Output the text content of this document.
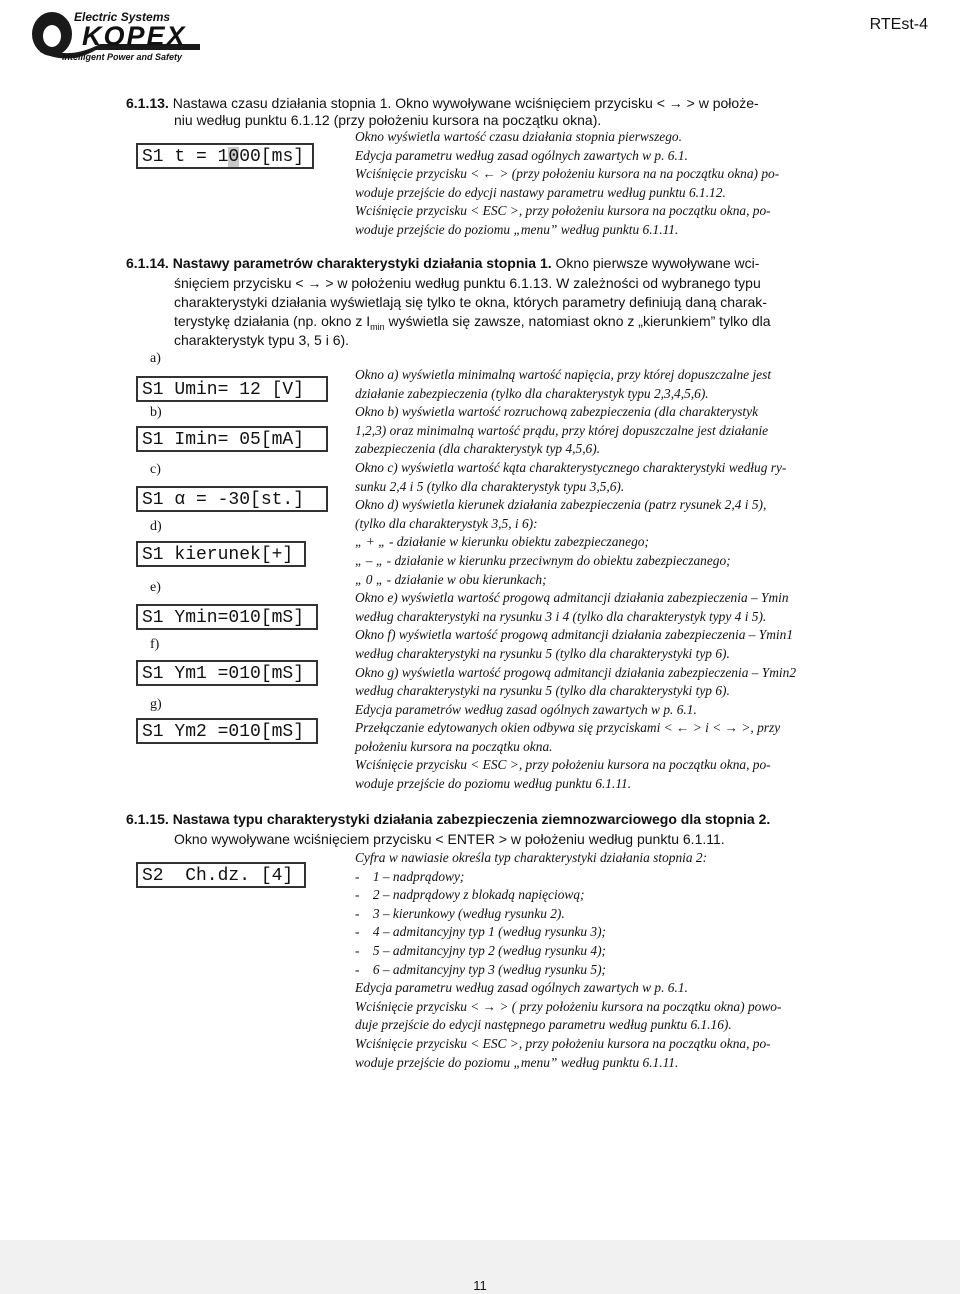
Electric Systems
KOPEX
Intelligent Power and Safety
RTEst-4
6.1.13. Nastawa czasu działania stopnia 1. Okno wywoływane wciśnięciem przycisku < → > w położe-
niu według punktu 6.1.12 (przy położeniu kursora na początku okna).
S1 t = 1000[ms]
Okno wyświetla wartość czasu działania stopnia pierwszego.
Edycja parametru według zasad ogólnych zawartych w p. 6.1.
Wciśnięcie przycisku < ← > (przy położeniu kursora na na początku okna) po-
woduje przejście do edycji nastawy parametru według punktu 6.1.12.
Wciśnięcie przycisku < ESC >, przy położeniu kursora na początku okna, po-
woduje przejście do poziomu „menu” według punktu 6.1.11.
6.1.14. Nastawy parametrów charakterystyki działania stopnia 1. Okno pierwsze wywoływane wci-
śnięciem przycisku < → > w położeniu według punktu 6.1.13. W zależności od wybranego typu
charakterystyki działania wyświetlają się tylko te okna, których parametry definiują daną charak-
terystykę działania (np. okno z $I_{min}$ wyświetla się zawsze, natomiast okno z „kierunkiem” tylko dla
charakterystyk typu 3, 5 i 6).
a)
S1 Umin= 12 [V]
b)
S1 Imin= 05[mA]
c)
S1 α = -30[st.]
d)
S1 kierunek[+]
e)
S1 Ymin=010[mS]
f)
S1 Ym1 =010[mS]
g)
S1 Ym2 =010[mS]
Okno a) wyświetla minimalną wartość napięcia, przy której dopuszczalne jest
działanie zabezpieczenia (tylko dla charakterystyk typu 2,3,4,5,6).
Okno b) wyświetla wartość rozruchową zabezpieczenia (dla charakterystyk
1,2,3) oraz minimalną wartość prądu, przy której dopuszczalne jest działanie
zabezpieczenia (dla charakterystyk typ 4,5,6).
Okno c) wyświetla wartość kąta charakterystycznego charakterystyki według ry-
sunku 2,4 i 5 (tylko dla charakterystyk typu 3,5,6).
Okno d) wyświetla kierunek działania zabezpieczenia (patrz rysunek 2,4 i 5),
(tylko dla charakterystyk 3,5, i 6):
„ + „ - działanie w kierunku obiektu zabezpieczanego;
„ – „ - działanie w kierunku przeciwnym do obiektu zabezpieczanego;
„ 0 „ - działanie w obu kierunkach;
Okno e) wyświetla wartość progową admitancji działania zabezpieczenia – Ymin
według charakterystyki na rysunku 3 i 4 (tylko dla charakterystyk typy 4 i 5).
Okno f) wyświetla wartość progową admitancji działania zabezpieczenia – Ymin1
według charakterystyki na rysunku 5 (tylko dla charakterystyki typ 6).
Okno g) wyświetla wartość progową admitancji działania zabezpieczenia – Ymin2
według charakterystyki na rysunku 5 (tylko dla charakterystyki typ 6).
Edycja parametrów według zasad ogólnych zawartych w p. 6.1.
Przełączanie edytowanych okien odbywa się przyciskami < ← > i < → >, przy
położeniu kursora na początku okna.
Wciśnięcie przycisku < ESC >, przy położeniu kursora na początku okna, po-
woduje przejście do poziomu według punktu 6.1.11.
6.1.15. Nastawa typu charakterystyki działania zabezpieczenia ziemnozwarciowego dla stopnia 2.
Okno wywoływane wciśnięciem przycisku < ENTER > w położeniu według punktu 6.1.11.
S2  Ch.dz. [4]
Cyfra w nawiasie określa typ charakterystyki działania stopnia 2:
-    1 – nadprądowy;
-    2 – nadprądowy z blokadą napięciową;
-    3 – kierunkowy (według rysunku 2).
-    4 – admitancyjny typ 1 (według rysunku 3);
-    5 – admitancyjny typ 2 (według rysunku 4);
-    6 – admitancyjny typ 3 (według rysunku 5);
Edycja parametru według zasad ogólnych zawartych w p. 6.1.
Wciśnięcie przycisku < → > ( przy położeniu kursora na początku okna) powo-
duje przejście do edycji następnego parametru według punktu 6.1.16).
Wciśnięcie przycisku < ESC >, przy położeniu kursora na początku okna, po-
woduje przejście do poziomu „menu” według punktu 6.1.11.
11
